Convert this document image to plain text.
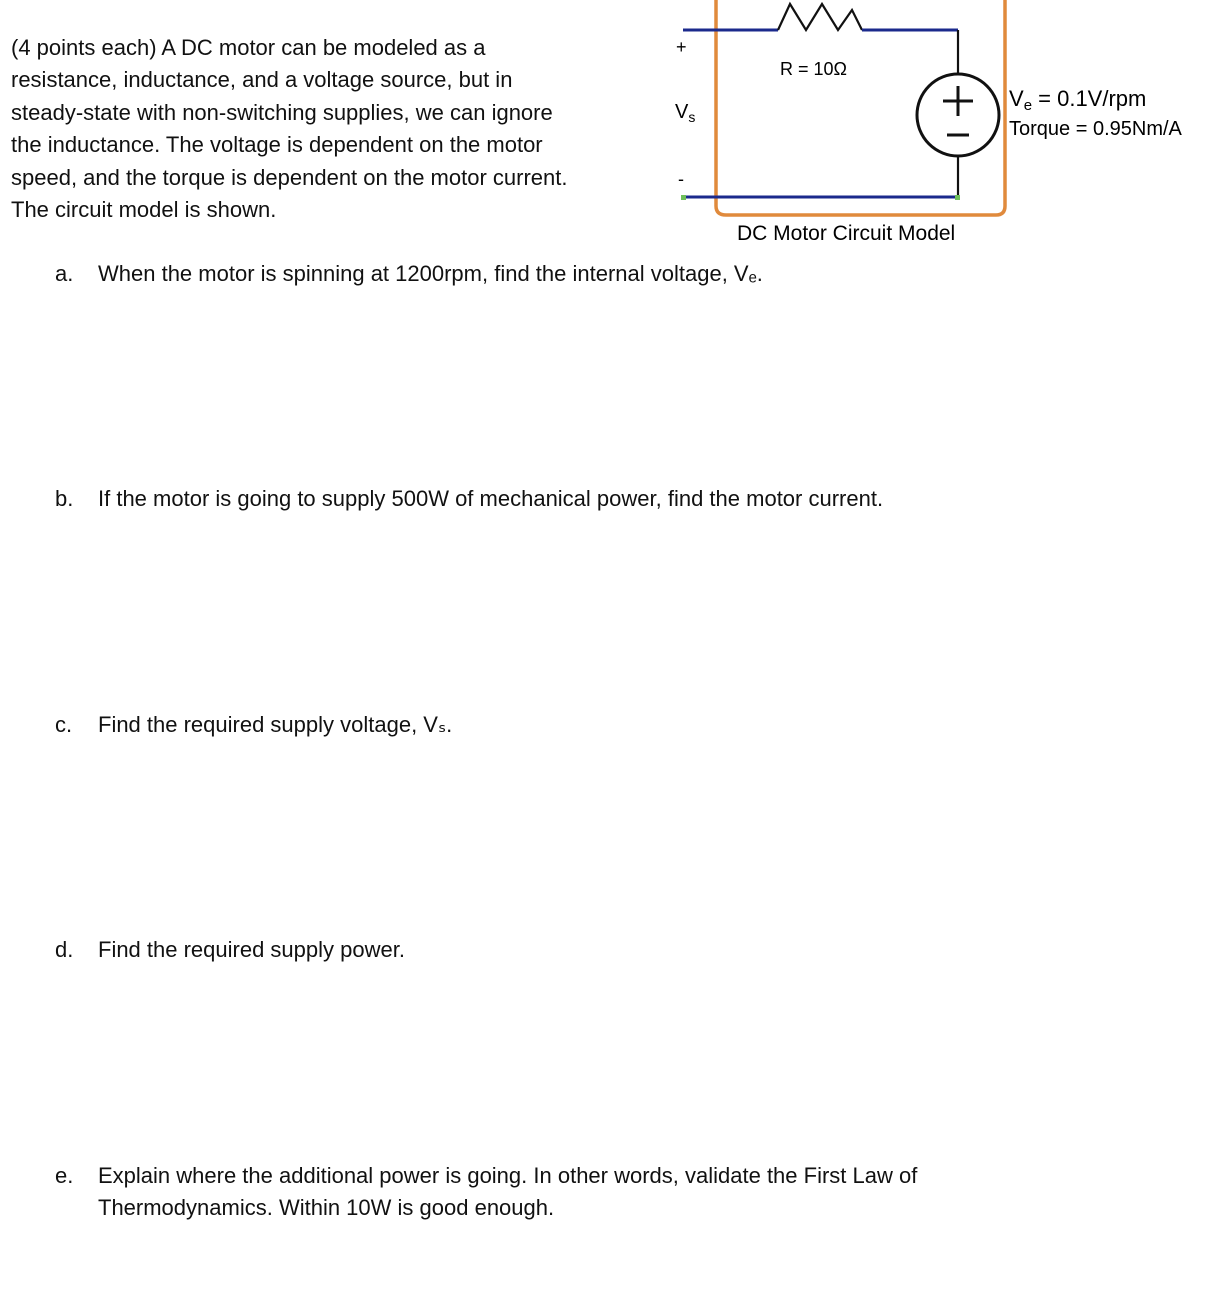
(4 points each) A DC motor can be modeled as a
resistance, inductance, and a voltage source, but in
steady-state with non-switching supplies, we can ignore
the inductance. The voltage is dependent on the motor
speed, and the torque is dependent on the motor current.
The circuit model is shown.
+
-
$V_s$
R = 10Ω
Ve = 0.1V/rpm
Torque = 0.95Nm/A
DC Motor Circuit Model
a. When the motor is spinning at 1200rpm, find the internal voltage, Vₑ.
b. If the motor is going to supply 500W of mechanical power, find the motor current.
c. Find the required supply voltage, Vₛ.
d. Find the required supply power.
e. Explain where the additional power is going. In other words, validate the First Law of
Thermodynamics. Within 10W is good enough.
